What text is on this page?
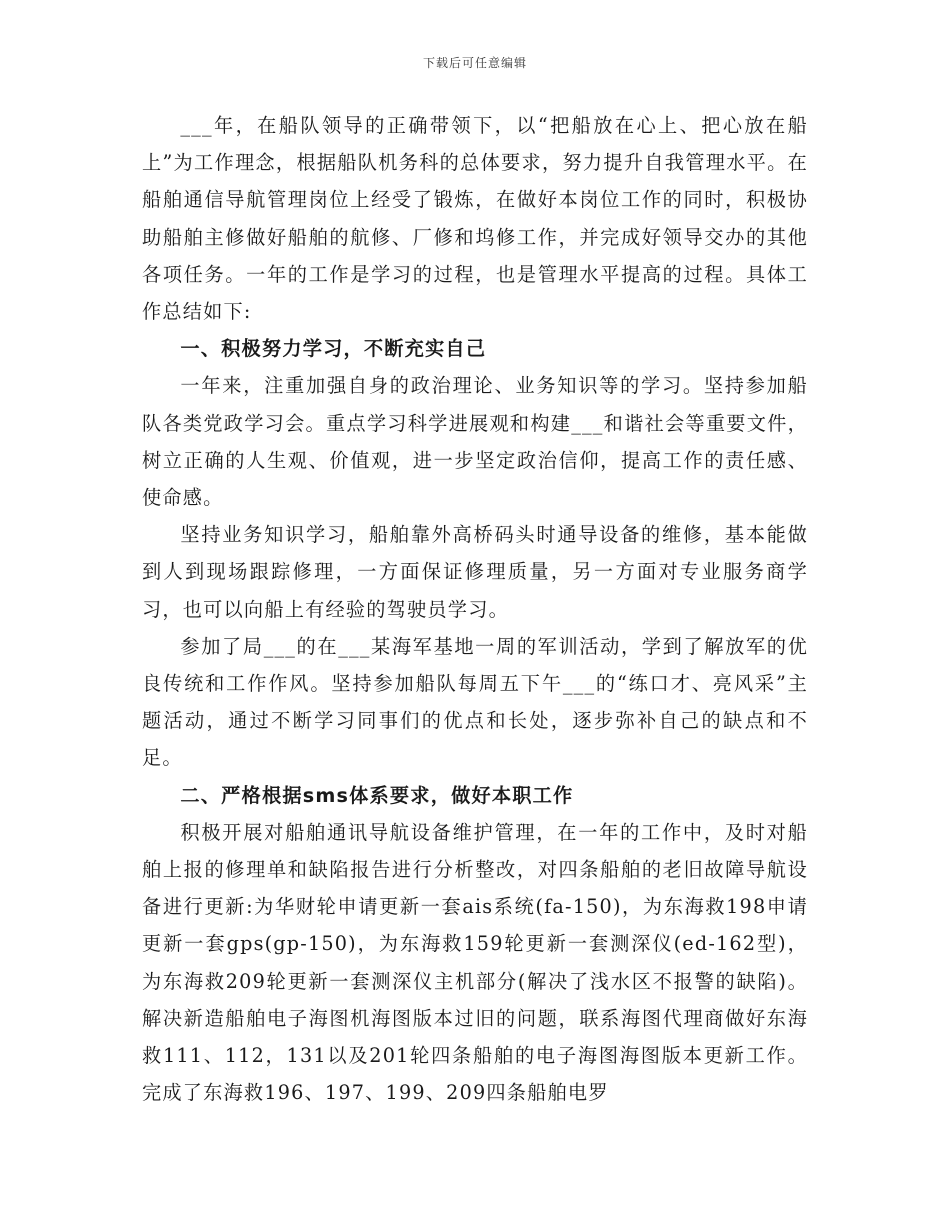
下载后可任意编辑

___年，在船队领导的正确带领下，以“把船放在心上、把心放在船上”为工作理念，根据船队机务科的总体要求，努力提升自我管理水平。在船舶通信导航管理岗位上经受了锻炼，在做好本岗位工作的同时，积极协助船舶主修做好船舶的航修、厂修和坞修工作，并完成好领导交办的其他各项任务。一年的工作是学习的过程，也是管理水平提高的过程。具体工作总结如下:

一、积极努力学习，不断充实自己

一年来，注重加强自身的政治理论、业务知识等的学习。坚持参加船队各类党政学习会。重点学习科学进展观和构建___和谐社会等重要文件，树立正确的人生观、价值观，进一步坚定政治信仰，提高工作的责任感、使命感。

坚持业务知识学习，船舶靠外高桥码头时通导设备的维修，基本能做到人到现场跟踪修理，一方面保证修理质量，另一方面对专业服务商学习，也可以向船上有经验的驾驶员学习。

参加了局___的在___某海军基地一周的军训活动，学到了解放军的优良传统和工作作风。坚持参加船队每周五下午___的“练口才、亮风采”主题活动，通过不断学习同事们的优点和长处，逐步弥补自己的缺点和不足。

二、严格根据sms体系要求，做好本职工作

积极开展对船舶通讯导航设备维护管理，在一年的工作中，及时对船舶上报的修理单和缺陷报告进行分析整改，对四条船舶的老旧故障导航设备进行更新:为华财轮申请更新一套ais系统(fa-150)，为东海救198申请更新一套gps(gp-150)，为东海救159轮更新一套测深仪(ed-162型)，为东海救209轮更新一套测深仪主机部分(解决了浅水区不报警的缺陷)。解决新造船舶电子海图机海图版本过旧的问题，联系海图代理商做好东海救111、112，131以及201轮四条船舶的电子海图海图版本更新工作。完成了东海救196、197、199、209四条船舶电罗
